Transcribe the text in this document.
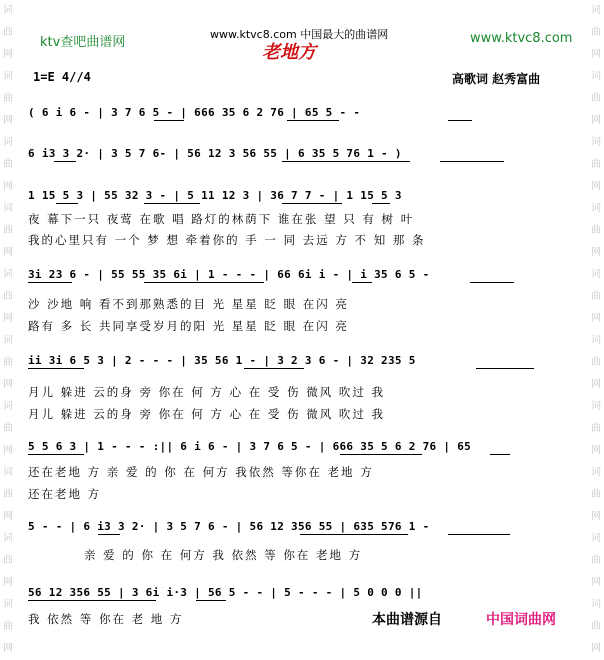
词
曲
网
词
曲
网
词
曲
网
词
曲
网
词
曲
网
词
曲
网
词
曲
网
词
曲
网
词
曲
网
词
曲
网
词
曲
网
词
曲
网
词
曲
网
词
曲
网
词
曲
网
词
曲
网
词
曲
网
词
曲
网
词
曲
网
词
曲
网
ktv查吧曲谱网
www.ktvc8.com 中国最大的曲谱网	www.ktvc8.com
老地方
1=E 4//4	高歌词 赵秀富曲
( 6 i 6 - | 3 7 6 5 - | 666 35 6 2 76 | 65 5 - -
6 i3 3 2· | 3 5 7 6- | 56 12 3 56 55 | 6 35 5 76 1 - )
1 15 5 3 | 55 32 3 - | 5 11 12 3 | 36 7 7 - | 1 15 5 3
夜 幕下一只 夜莺 在歌 唱 路灯的林荫下 谁在张 望 只 有 树 叶
我的心里只有 一个 梦 想 牵着你的 手 一 同 去远 方 不 知 那 条
3i 23 6 - | 55 55 35 6i | 1 - - - | 66 6i i - | i 35 6 5 -
沙 沙地 响 看不到那熟悉的目 光 星星 眨 眼 在闪 亮
路有 多 长 共同享受岁月的阳 光 星星 眨 眼 在闪 亮
ii 3i 6 5 3 | 2 - - - | 35 56 1 - | 3 2 3 6 - | 32 235 5
月儿 躲进 云的身 旁 你在 何 方 心 在 受 伤 微风 吹过 我
月儿 躲进 云的身 旁 你在 何 方 心 在 受 伤 微风 吹过 我
5 5 6 3 | 1 - - - :|| 6 i 6 - | 3 7 6 5 - | 666 35 5 6 2 76 | 65
还在老地 方 亲 爱 的 你 在 何方 我依然 等你在 老地 方
还在老地 方
5 - - | 6 i3 3 2· | 3 5 7 6 - | 56 12 356 55 | 635 576 1 -
亲 爱 的 你 在 何方 我 依然 等 你在 老地 方
56 12 356 55 | 3 6i i·3 | 56 5 - - | 5 - - - | 5 0 0 0 ||
我 依然 等 你在 老 地 方	本曲谱源自	中国词曲网
